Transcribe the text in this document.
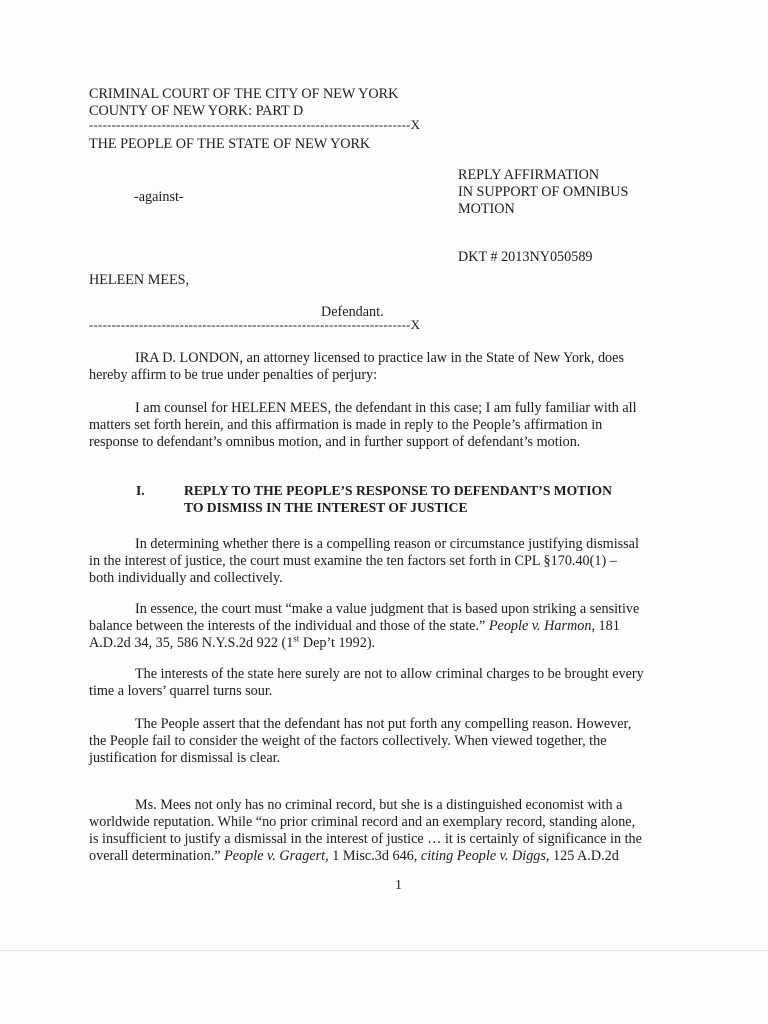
CRIMINAL COURT OF THE CITY OF NEW YORK
COUNTY OF NEW YORK: PART D
-----------------------------------------------------------------------X
THE PEOPLE OF THE STATE OF NEW YORK
-against-
REPLY AFFIRMATION
IN SUPPORT OF OMNIBUS
MOTION
DKT # 2013NY050589
HELEEN MEES,
Defendant.
-----------------------------------------------------------------------X
IRA D. LONDON, an attorney licensed to practice law in the State of New York, does
hereby affirm to be true under penalties of perjury:
I am counsel for HELEEN MEES, the defendant in this case; I am fully familiar with all
matters set forth herein, and this affirmation is made in reply to the People’s affirmation in
response to defendant’s omnibus motion, and in further support of defendant’s motion.
I.	REPLY TO THE PEOPLE’S RESPONSE TO DEFENDANT’S MOTION
TO DISMISS IN THE INTEREST OF JUSTICE
In determining whether there is a compelling reason or circumstance justifying dismissal
in the interest of justice, the court must examine the ten factors set forth in CPL §170.40(1) –
both individually and collectively.
In essence, the court must “make a value judgment that is based upon striking a sensitive
balance between the interests of the individual and those of the state.” People v. Harmon, 181
A.D.2d 34, 35, 586 N.Y.S.2d 922 (1st Dep’t 1992).
The interests of the state here surely are not to allow criminal charges to be brought every
time a lovers’ quarrel turns sour.
The People assert that the defendant has not put forth any compelling reason. However,
the People fail to consider the weight of the factors collectively. When viewed together, the
justification for dismissal is clear.
Ms. Mees not only has no criminal record, but she is a distinguished economist with a
worldwide reputation. While “no prior criminal record and an exemplary record, standing alone,
is insufficient to justify a dismissal in the interest of justice … it is certainly of significance in the
overall determination.” People v. Gragert, 1 Misc.3d 646, citing People v. Diggs, 125 A.D.2d
1
